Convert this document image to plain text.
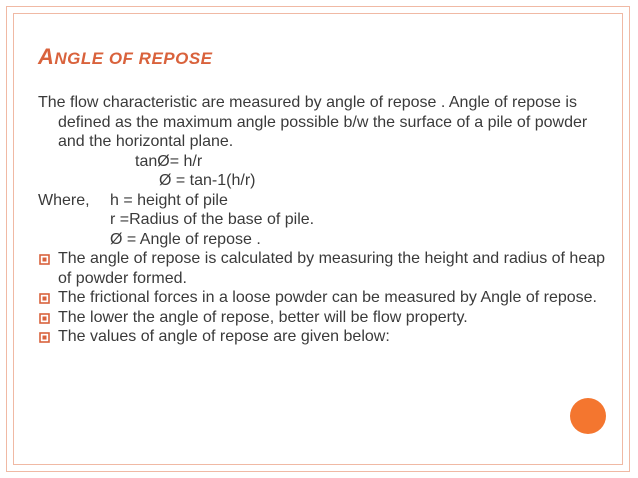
ANGLE OF REPOSE

The flow characteristic are measured by angle of repose . Angle of repose is defined as the maximum angle possible b/w the surface of a pile of powder and the horizontal plane.

tanØ= h/r

Ø = tan-1(h/r)

Where,	h = height of pile

r =Radius of the base of pile.

Ø = Angle of repose .

The angle of repose is calculated by measuring the height and radius of heap of powder formed.
The frictional forces in a loose powder can be measured by Angle of repose.
The lower the angle of repose, better will be flow property.
The values of angle of repose are given below:
